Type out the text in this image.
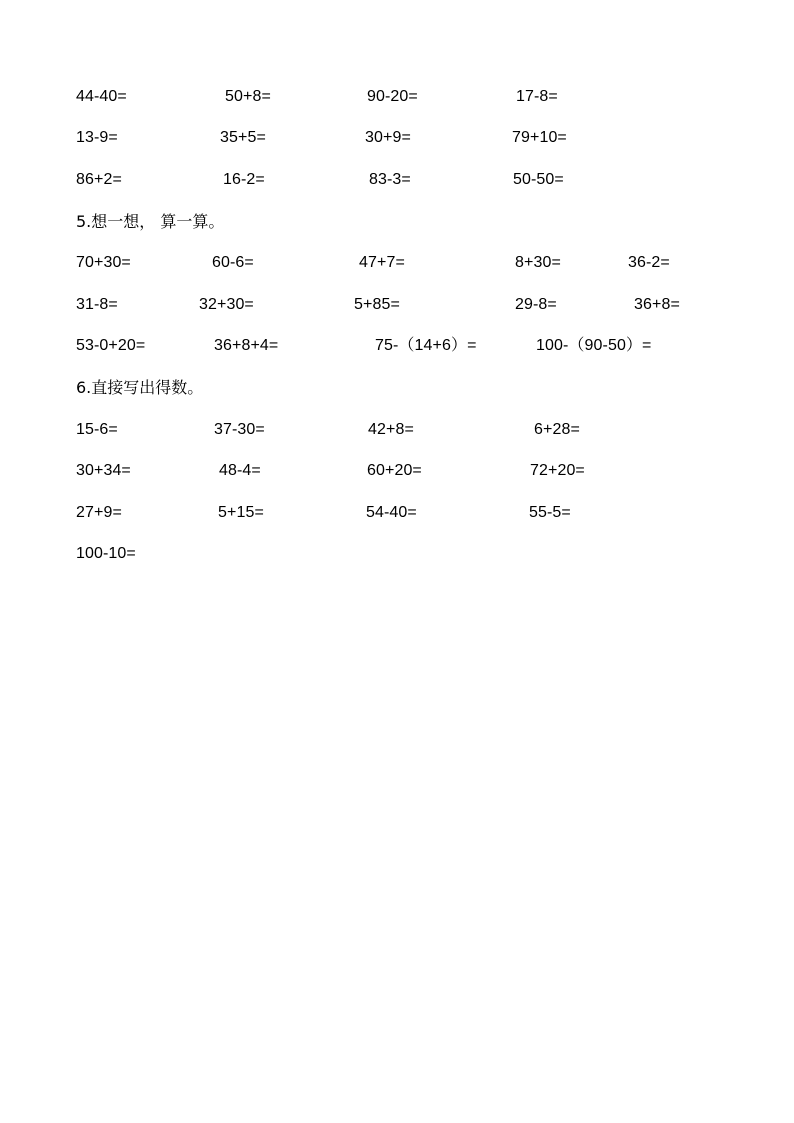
44-40=	50+8=	90-20=	17-8=
13-9=	35+5=	30+9=	79+10=
86+2=	16-2=	83-3=	50-50=
5.想一想， 算一算。
70+30=	60-6=	47+7=	8+30=	36-2=
31-8=	32+30=	5+85=	29-8=	36+8=
53-0+20=	36+8+4=	75-（14+6）=	100-（90-50）=
6.直接写出得数。
15-6=	37-30=	42+8=	6+28=
30+34=	48-4=	60+20=	72+20=
27+9=	5+15=	54-40=	55-5=
100-10=
